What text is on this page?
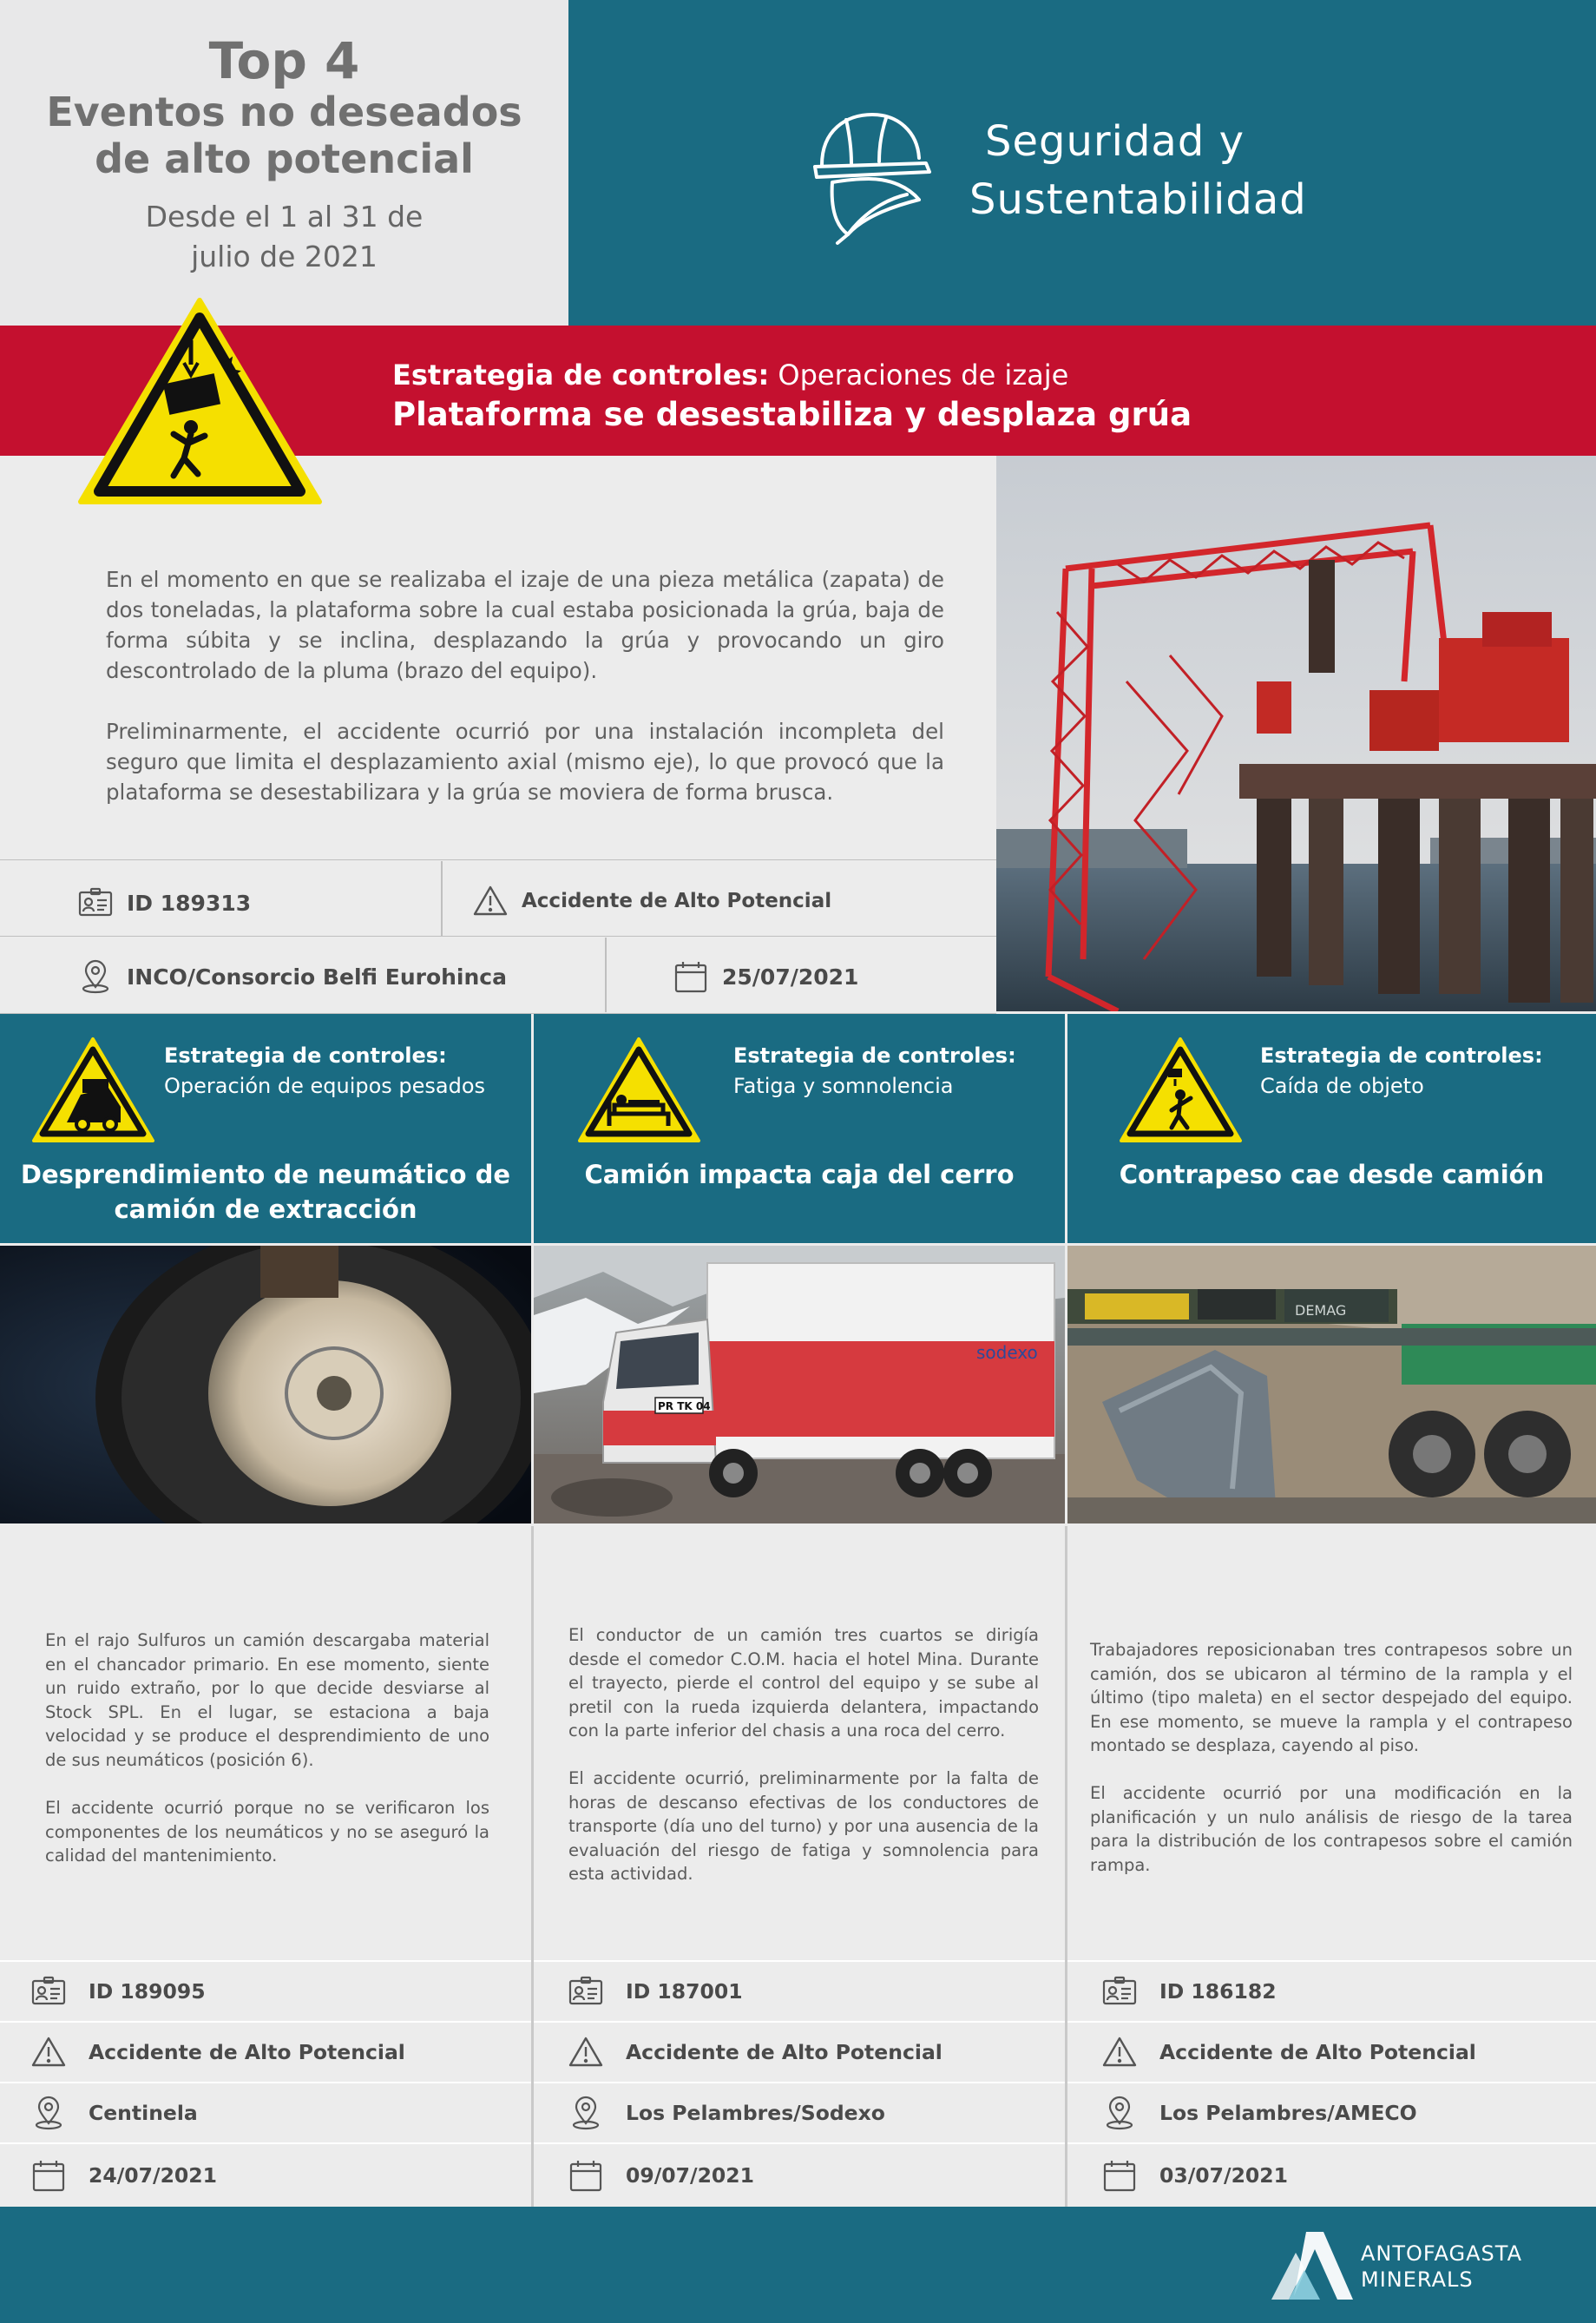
Top 4
Eventos no deseados
de alto potencial
Desde el 1 al 31 de
julio de 2021
Seguridad y
Sustentabilidad
Estrategia de controles: Operaciones de izaje
Plataforma se desestabiliza y desplaza grúa
En el momento en que se realizaba el izaje de una pieza metálica (zapata) de dos toneladas, la plataforma sobre la cual estaba posicionada la grúa, baja de forma súbita y se inclina, desplazando la grúa y provocando un giro descontrolado de la pluma (brazo del equipo).
Preliminarmente, el accidente ocurrió por una instalación incompleta del seguro que limita el desplazamiento axial (mismo eje), lo que provocó que la plataforma se desestabilizara y la grúa se moviera de forma brusca.
ID 189313	Accidente de Alto Potencial
INCO/Consorcio Belfi Eurohinca	25/07/2021
Estrategia de controles:
Operación de equipos pesados
Desprendimiento de neumático de
camión de extracción
En el rajo Sulfuros un camión descargaba material en el chancador primario. En ese momento, siente un ruido extraño, por lo que decide desviarse al Stock SPL. En el lugar, se estaciona a baja velocidad y se produce el desprendimiento de uno de sus neumáticos (posición 6).
El accidente ocurrió porque no se verificaron los componentes de los neumáticos y no se aseguró la calidad del mantenimiento.
Estrategia de controles:
Fatiga y somnolencia
Camión impacta caja del cerro
sodexo
PR TK 04
El conductor de un camión tres cuartos se dirigía desde el comedor C.O.M. hacia el hotel Mina. Durante el trayecto, pierde el control del equipo y se sube al pretil con la rueda izquierda delantera, impactando con la parte inferior del chasis a una roca del cerro.
El accidente ocurrió, preliminarmente por la falta de horas de descanso efectivas de los conductores de transporte (día uno del turno) y por una ausencia de la evaluación del riesgo de fatiga y somnolencia para esta actividad.
Estrategia de controles:
Caída de objeto
Contrapeso cae desde camión
DEMAG
Trabajadores reposicionaban tres contrapesos sobre un camión, dos se ubicaron al término de la rampla y el último (tipo maleta) en el sector despejado del equipo. En ese momento, se mueve la rampla y el contrapeso montado se desplaza, cayendo al piso.
El accidente ocurrió por una modificación en la planificación y un nulo análisis de riesgo de la tarea para la distribución de los contrapesos sobre el camión rampa.
ID 189095
Accidente de Alto Potencial
Centinela
24/07/2021
ID 187001
Accidente de Alto Potencial
Los Pelambres/Sodexo
09/07/2021
ID 186182
Accidente de Alto Potencial
Los Pelambres/AMECO
03/07/2021
ANTOFAGASTA
MINERALS
